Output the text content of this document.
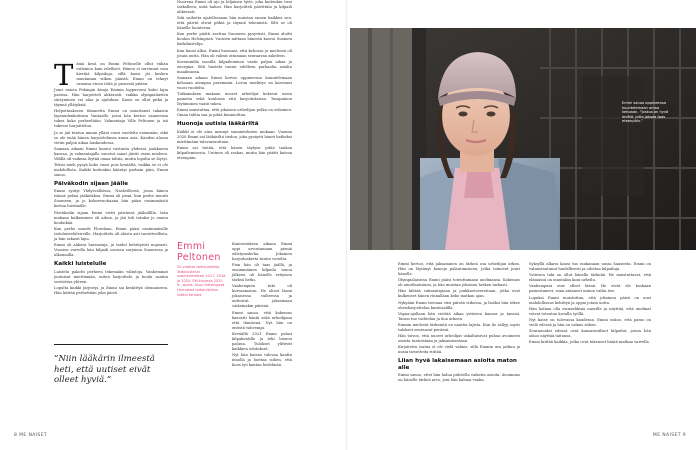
T ämä kesä on Emmi Peltoselle ollut vähän erilainen kuin edelliset. Hänen ei tarvinnut vain kiertää kilpailuja, sillä kausi jäi kesken muutaman viikon päästä. Emmi on tehnyt uraansa eteen töitä jo pienestä pitäen.

Juuri ennen Pekingin kisoja Emmin loppuvuosi kului lajin parissa. Hän harjoitteli ahkerasti, vaikka olympialaisten siirtyminen vei alaa ja ajatuksia. Kausi on ollut pitkä ja täynnä yllätyksiä.

Helpottaakseen tilannetta Emmi on muuttanut takaisin lapsuudenkotiinsa Vantaalle, jossa hän kertoo saaneensa tukea koko perheeltään. Valmentaja Ville Peltonen ja isä tukevat harjoittelua.

Ja se jää tuntuu minun ylläni vuosi vuodelta enemmän, eikä se ole enää hänen harjoittelunsa ainoa asia. Kauden alussa vietin paljon aikaa laiskuudessa.

Samaan aikaan Emmi kantoi vastuuta yhdessä joukkueen kanssa, ja valmentajalle sanotut sanat jäivät usein mieleen. Välillä oli vaikeaa löytää omaa tahtia, mutta lopulta se löytyi.

Tekisi mieli pysyä koko vuosi pois kentältä, vaikka se ei ole mahdollista. Kaikki kuitenkin kääntyi parhain päin, Emmi sanoo.

Päiväkodin sijaan jäälle

Emmi syntyi Yhdysvalloissa, Nashvillessä, jossa hänen isänsä pelasi jääkiekkoa. Emmi oli pieni, kun perhe muutti Suomeen, ja jo kolmevuotiaana hän pääsi ensimmäistä kertaa luistimille.

Päiväkodin sijaan Emmi vietti päivänsä jäähallilla. Isän mukana kulkeminen oli arkea, ja jää tuli tutuksi jo ennen kouluikää.

Kun perhe muutti Floridaan, Emmi pääsi ensimmäisille taitoluisteluleireille. Harjoittelu oli alusta asti tavoitteellista, ja hän rakasti lajia.

Emmi oli ahkera harrastaja, ja taidot kehittyivät nopeasti. Vuosien varrella hän kilpaili useissa sarjoissa Suomessa ja ulkomailla.

Kaikki luistelulle

Luistelu pakotti perheen tekemään valintoja. Vanhemmat joutuivat miettimään, miten harjoittelu ja koulu saatiin sovitettua yhteen.

Lopulta kaikki järjestyi, ja Emmi sai keskittyä olennaiseen. Hän kiittää perhettään joka päivä.

”Niin lääkärin ilmeestä heti, että uutiset eivät olleet hyviä.”

Nuorena Emmi oli ujo ja hiljainen tyttö, joka kuitenkin tiesi tarkalleen, mitä halusi. Hän harjoitteli päivittäin ja kilpaili ahkerasti.

Sitä vaihetta ajatellessaan hän muistaa ennen kaikkea sen, että päivät olivat pitkiä ja täynnä tekemistä. Silti se oli hänelle luontevaa.

Kun perhe päätti asettua Suomeen pysyvästi, Emmi aloitti koulun Helsingissä. Vuosien mittaan hänestä kasvoi Suomen kärkiluistelija.

Kun kausi alkoi, Emmi huomasi, että kehossa ja mielessä oli jotain uutta. Hän oli valmis ottamaan seuraavan askeleen.

Kovemmilla tasoilla kilpaileminen vaatii paljon aikaa ja energiaa. Silti luistelu tuntui edelleen parhaalta asialta maailmassa.

Samaan aikaan Emmi kertoo oppineensa kuuntelemaan kehoaan aiempaa paremmin. Levon merkitys on kasvanut vuosi vuodelta.

Tutkimuksen mukaan nuoret urheilijat kokevat usein paineita sekä koulussa että harjoituksissa. Tasapainon löytäminen vaatii tukea.

Emmi muistuttaa, että jokaisen urheilijan polku on erilainen. Omaa tahtia saa ja pitää kunnioittaa.

Huonoja uutisia lääkäriltä

Kaikki ei ole aina mennyt suunnitelmien mukaan. Vuonna 2020 Emmi sai lääkäriltä tiedon, joka pysäytti hänet hetkeksi miettimään tulevaisuuttaan.

Emmi sai tietää, että hänen täytyisi pitää taukoa kilpailemisesta. Uutinen oli raskas, mutta hän päätti katsoa eteenpäin.

Emmi Peltonen
20-vuotias taitoluistelija. Taitoluistelun suomenmestari 2017, 2018 ja 2020. EM-kisoissa 2020 9., sijalla. Asuu Helsingissä. Harrastaa taitoluistelun lisäksi tanssia.

Kuntoutuksen aikana Emmi oppi arvostamaan pieniä edistysaskelia. Jokainen harjoituskerta tuntui voitolta.

Pian hän oli taas jäällä, ja ensimmäinen kilpailu tauon jälkeen oli hänelle erityisen tärkeä hetki.

Vanhempien tuki oli korvaamaton. He olivat läsnä jokaisessa vaiheessa ja auttoivat jaksamaan vaikeinakin päivinä.

Emmi sanoo, että kokemus kasvatti häntä sekä urheilijana että ihmisenä. Nyt hän on entistä vahvempi.

Keväällä 2021 Emmi palasi kilpakentille ja teki hienon paluun. Tulokset ylittivät kaikkien odotukset.

Nyt hän katsoo tulevaa kautta innolla ja luottaa siihen, että kova työ kantaa hedelmää.

8 ME NAISET	ME NAISET 9
Emmi sanoo oppineensa kuuntelemaan omaa kehoaan. ”Joskus on hyvä levätä, jotta jaksaa taas eteenpäin.”

Emmi kertoo, että jaksaminen on tärkeä osa urheilijan arkea. Hän on löytänyt keinoja palautumiseen, jotka toimivat juuri hänelle.

Olympialaisissa Emmi pääsi toteuttamaan unelmansa. Kokemus oli ainutlaatuinen, ja hän muistaa jokaisen hetken tarkasti.

Hän kiittää valmentajiaan ja joukkuetovereitaan, jotka ovat kulkeneet hänen rinnallaan koko matkan ajan.

Nykyään Emmi treenaa viisi päivää viikossa, ja lisäksi hän tekee oheisharjoittelua kuntosalilla.

Vapaa-ajallaan hän viettää aikaa ystävien kanssa ja tanssii. Tanssi tuo vaihtelua ja iloa arkeen.

Emmin mielestä tärkeintä on nauttia lajista. Kun ilo säilyy, myös tulokset seuraavat perässä.

Hän toivoo, että nuoret urheilijat uskaltaisivat puhua avoimesti omista tunteistaan ja jaksamisestaan.

Kirjoitettu tarina ei ole vielä valmis, sillä Emmin ura jatkuu ja uusia tavoitteita riittää.

Liian hyvä lakaisemaan asioita maton alle

Emmi sanoo, ettei hän halua piilotella vaikeita asioita. Avoimuus on hänelle tärkeä arvo, jota hän haluaa vaalia.

Syksyllä alkava kausi tuo mukanaan uusia haasteita. Emmi on valmistautunut huolellisesti ja odottaa kilpailuja.

Ystävien tuki on ollut hänelle tärkeää. He muistuttavat, että elämässä on muutakin kuin urheilu.

Vanhempani ovat olleet läsnä. He eivät ole koskaan painostaneet, vaan antaneet minun valita itse.

Lopuksi Emmi muistuttaa, että jokainen päivä on uusi mahdollisuus kehittyä ja oppia jotain uutta.

Hän haluaa olla esimerkkinä nuorille ja näyttää, että unelmat voivat toteutua kovalla työllä.

Nyt katse on tulevassa kaudessa. Emmi uskoo, että paras on vielä edessä ja hän on valmis siihen.

Seuraavaksi edessä ovat kansainväliset kilpailut, joissa hän aikoo näyttää taitonsa.

Emmi kiittää kaikkia, jotka ovat tukeneet häntä matkan varrella.
